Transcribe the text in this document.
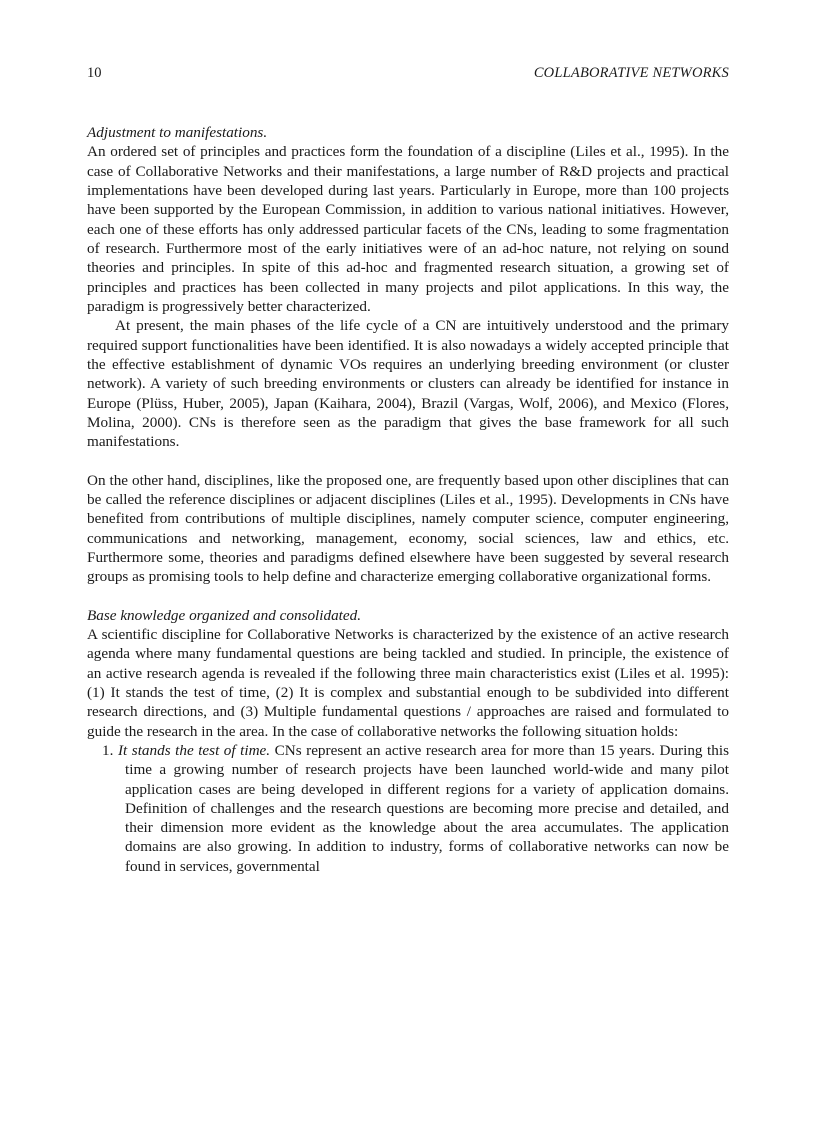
10	COLLABORATIVE NETWORKS

Adjustment to manifestations.

An ordered set of principles and practices form the foundation of a discipline (Liles et al., 1995). In the case of Collaborative Networks and their manifestations, a large number of R&D projects and practical implementations have been developed during last years. Particularly in Europe, more than 100 projects have been supported by the European Commission, in addition to various national initiatives. However, each one of these efforts has only addressed particular facets of the CNs, leading to some fragmentation of research. Furthermore most of the early initiatives were of an ad-hoc nature, not relying on sound theories and principles. In spite of this ad-hoc and fragmented research situation, a growing set of principles and practices has been collected in many projects and pilot applications. In this way, the paradigm is progressively better characterized.

At present, the main phases of the life cycle of a CN are intuitively understood and the primary required support functionalities have been identified. It is also nowadays a widely accepted principle that the effective establishment of dynamic VOs requires an underlying breeding environment (or cluster network). A variety of such breeding environments or clusters can already be identified for instance in Europe (Plüss, Huber, 2005), Japan (Kaihara, 2004), Brazil (Vargas, Wolf, 2006), and Mexico (Flores, Molina, 2000). CNs is therefore seen as the paradigm that gives the base framework for all such manifestations.

On the other hand, disciplines, like the proposed one, are frequently based upon other disciplines that can be called the reference disciplines or adjacent disciplines (Liles et al., 1995). Developments in CNs have benefited from contributions of multiple disciplines, namely computer science, computer engineering, communications and networking, management, economy, social sciences, law and ethics, etc. Furthermore some, theories and paradigms defined elsewhere have been suggested by several research groups as promising tools to help define and characterize emerging collaborative organizational forms.

Base knowledge organized and consolidated.

A scientific discipline for Collaborative Networks is characterized by the existence of an active research agenda where many fundamental questions are being tackled and studied. In principle, the existence of an active research agenda is revealed if the following three main characteristics exist (Liles et al. 1995): (1) It stands the test of time, (2) It is complex and substantial enough to be subdivided into different research directions, and (3) Multiple fundamental questions / approaches are raised and formulated to guide the research in the area. In the case of collaborative networks the following situation holds:

1. It stands the test of time. CNs represent an active research area for more than 15 years. During this time a growing number of research projects have been launched world-wide and many pilot application cases are being developed in different regions for a variety of application domains. Definition of challenges and the research questions are becoming more precise and detailed, and their dimension more evident as the knowledge about the area accumulates. The application domains are also growing. In addition to industry, forms of collaborative networks can now be found in services, governmental
